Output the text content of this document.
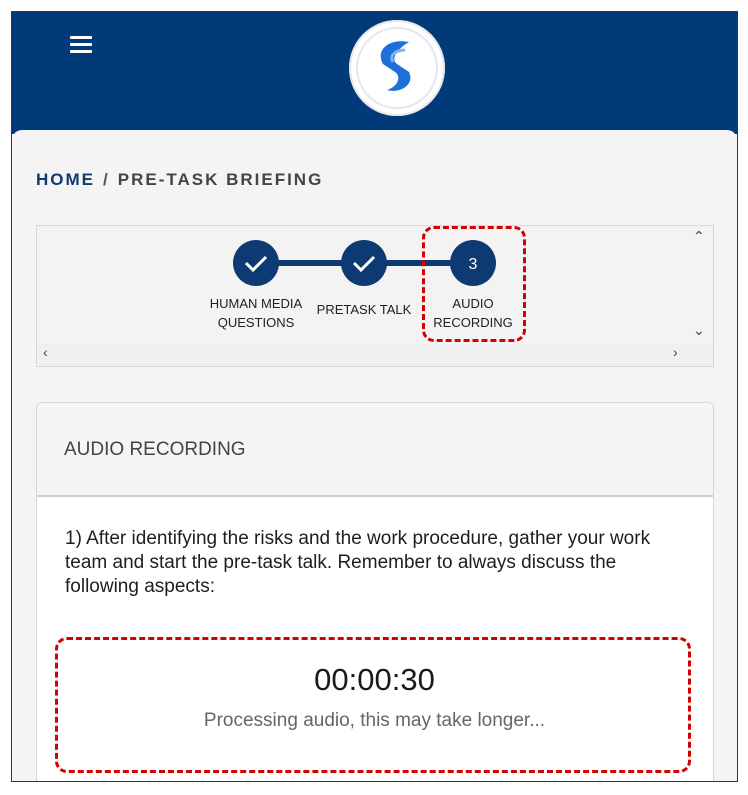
HOME / PRE-TASK BRIEFING
3
HUMAN MEDIA
QUESTIONS
PRETASK TALK	AUDIO
RECORDING
⌃
⌄
‹	›
AUDIO RECORDING
1) After identifying the risks and the work procedure, gather your work team and start the pre-task talk. Remember to always discuss the following aspects:
00:00:30
Processing audio, this may take longer...
